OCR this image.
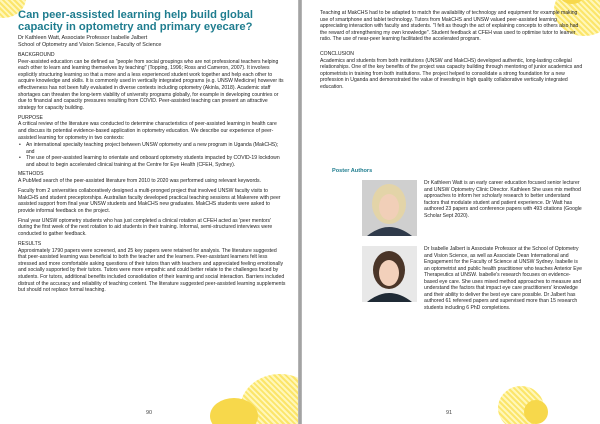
Can peer-assisted learning help build global capacity in optometry and primary eyecare?
Dr Kathleen Watt, Associate Professor Isabelle Jalbert
School of Optometry and Vision Science, Faculty of Science
BACKGROUND

Peer-assisted education can be defined as "people from social groupings who are not professional teachers helping each other to learn and learning themselves by teaching" (Topping, 1996; Ross and Cameron, 2007). It involves explicitly structuring learning so that a more and a less experienced student work together and help each other to acquire knowledge and skills. It is commonly used in vertically integrated programs (e.g. UNSW Medicine) however its effectiveness has not been fully evaluated in diverse contexts including optometry (Akinla, 2018). Academic staff shortages can threaten the long-term viability of university programs globally, for example in developing countries or due to financial and capacity pressures resulting from COVID. Peer-assisted teaching can present an attractive strategy for capacity building.

PURPOSE

A critical review of the literature was conducted to determine characteristics of peer-assisted learning in health care and discuss its potential evidence-based application in optometry education. We describe our experience of peer-assisted learning for optometry in two contexts:

• An international specialty teaching project between UNSW optometry and a new program in Uganda (MakCHS); and
• The use of peer-assisted learning to orientate and onboard optometry students impacted by COVID-19 lockdown and about to begin accelerated clinical training at the Centre for Eye Health (CFEH, Sydney).
METHODS

A PubMed search of the peer-assisted literature from 2010 to 2020 was performed using relevant keywords.

Faculty from 2 universities collaboratively designed a multi-pronged project that involved UNSW faculty visits to MakCHS and student preceptorships. Australian faculty developed practical teaching sessions at Makerere with peer assisted support from final year UNSW students and MakCHS new graduates. MakCHS students were asked to provide informal feedback on the project.

Final year UNSW optometry students who has just completed a clinical rotation at CFEH acted as 'peer mentors' during the first week of the next rotation to aid students in their training. Informal, semi-structured interviews were conducted to gather feedback.

RESULTS

Approximately 1790 papers were screened, and 25 key papers were retained for analysis. The literature suggested that peer-assisted learning was beneficial to both the teacher and the learners. Peer-assistant learners felt less stressed and more comfortable asking questions of their tutors than with teachers and appreciated feeling emotionally and socially supported by their tutors. Tutors were more empathic and could better relate to the challenges faced by students. For tutors, additional benefits included consolidation of their learning and social interaction. Barriers included distrust of the accuracy and reliability of teaching content. The literature suggested peer-assisted learning supplements but should not replace formal teaching.

90

Teaching at MakCHS had to be adapted to match the availability of technology and equipment for example making use of smartphone and tablet technology. Tutors from MakCHS and UNSW valued peer-assisted learning appreciating interaction with faculty and students. "I felt as though the act of explaining concepts to others also had the reward of strengthening my own knowledge". Student feedback at CFEH was used to optimise tutor to learner ratio. The use of near-peer learning facilitated the accelerated program.

CONCLUSION

Academics and students from both institutions (UNSW and MakCHS) developed authentic, long-lasting collegial relationships. One of the key benefits of the project was capacity building through mentoring of junior academics and optometrists in training from both institutions. The project helped to consolidate a strong foundation for a new profession in Uganda and demonstrated the value of investing in high quality collaborative vertically integrated education.

Poster Authors
Dr Kathleen Watt is an early career education focused senior lecturer and UNSW Optometry Clinic Director. Kathleen She uses mix method approaches to inform her scholarly research to better understand factors that modulate student and patient experience. Dr Watt has authored 23 papers and conference papers with 493 citations (Google Scholar Sept 2020).
Dr Isabelle Jalbert is Associate Professor at the School of Optometry and Vision Science, as well as Associate Dean International and Engagement for the Faculty of Science at UNSW Sydney. Isabelle is an optometrist and public health practitioner who teaches Anterior Eye Therapeutics at UNSW. Isabelle's research focuses on evidence-based eye care. She uses mixed method approaches to measure and understand the factors that impact eye care practitioners' knowledge and their ability to deliver the best eye care possible. Dr Jalbert has authored 61 refereed papers and supervised more than 15 research students including 6 PhD completions.
91
